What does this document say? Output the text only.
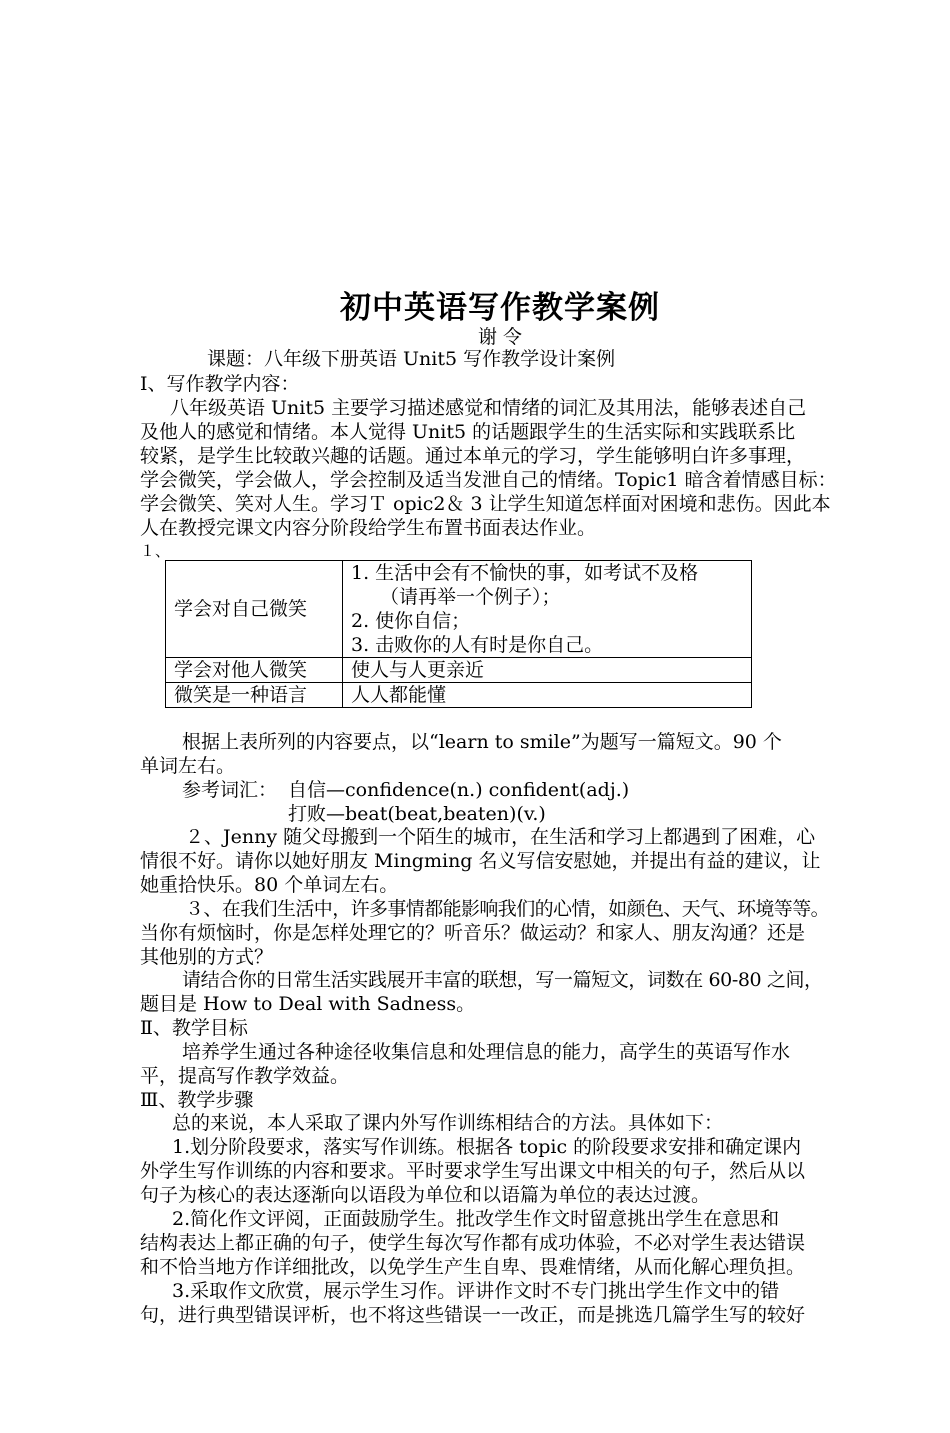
初中英语写作教学案例
谢 令
课题：八年级下册英语 Unit5 写作教学设计案例
Ⅰ、写作教学内容：
八年级英语 Unit5 主要学习描述感觉和情绪的词汇及其用法，能够表述自己
及他人的感觉和情绪。本人觉得 Unit5 的话题跟学生的生活实际和实践联系比
较紧，是学生比较敢兴趣的话题。通过本单元的学习，学生能够明白许多事理，
学会微笑，学会做人，学会控制及适当发泄自己的情绪。Topic1 暗含着情感目标：
学会微笑、笑对人生。学习Ｔ opic2＆ 3 让学生知道怎样面对困境和悲伤。因此本
人在教授完课文内容分阶段给学生布置书面表达作业。
１、
学会对自己微笑	1. 生活中会有不愉快的事，如考试不及格
（请再举一个例子）；
2. 使你自信；
3. 击败你的人有时是你自己。

学会对他人微笑	使人与人更亲近
微笑是一种语言	人人都能懂
根据上表所列的内容要点，以“learn to smile”为题写一篇短文。90 个
单词左右。
参考词汇： 自信—confidence(n.) confident(adj.)
打败—beat(beat,beaten)(v.)
２、Jenny 随父母搬到一个陌生的城市，在生活和学习上都遇到了困难，心
情很不好。请你以她好朋友 Mingming 名义写信安慰她，并提出有益的建议，让
她重拾快乐。80 个单词左右。
３、在我们生活中，许多事情都能影响我们的心情，如颜色、天气、环境等等。
当你有烦恼时，你是怎样处理它的？听音乐？做运动？和家人、朋友沟通？还是
其他别的方式？
请结合你的日常生活实践展开丰富的联想，写一篇短文，词数在 60-80 之间，
题目是 How to Deal with Sadness。
Ⅱ、教学目标
培养学生通过各种途径收集信息和处理信息的能力，高学生的英语写作水
平，提高写作教学效益。
Ⅲ、教学步骤
总的来说，本人采取了课内外写作训练相结合的方法。具体如下：
1.划分阶段要求，落实写作训练。根据各 topic 的阶段要求安排和确定课内
外学生写作训练的内容和要求。平时要求学生写出课文中相关的句子，然后从以
句子为核心的表达逐渐向以语段为单位和以语篇为单位的表达过渡。
2.简化作文评阅，正面鼓励学生。批改学生作文时留意挑出学生在意思和
结构表达上都正确的句子，使学生每次写作都有成功体验，不必对学生表达错误
和不恰当地方作详细批改，以免学生产生自卑、畏难情绪，从而化解心理负担。
3.采取作文欣赏，展示学生习作。评讲作文时不专门挑出学生作文中的错
句，进行典型错误评析，也不将这些错误一一改正，而是挑选几篇学生写的较好
